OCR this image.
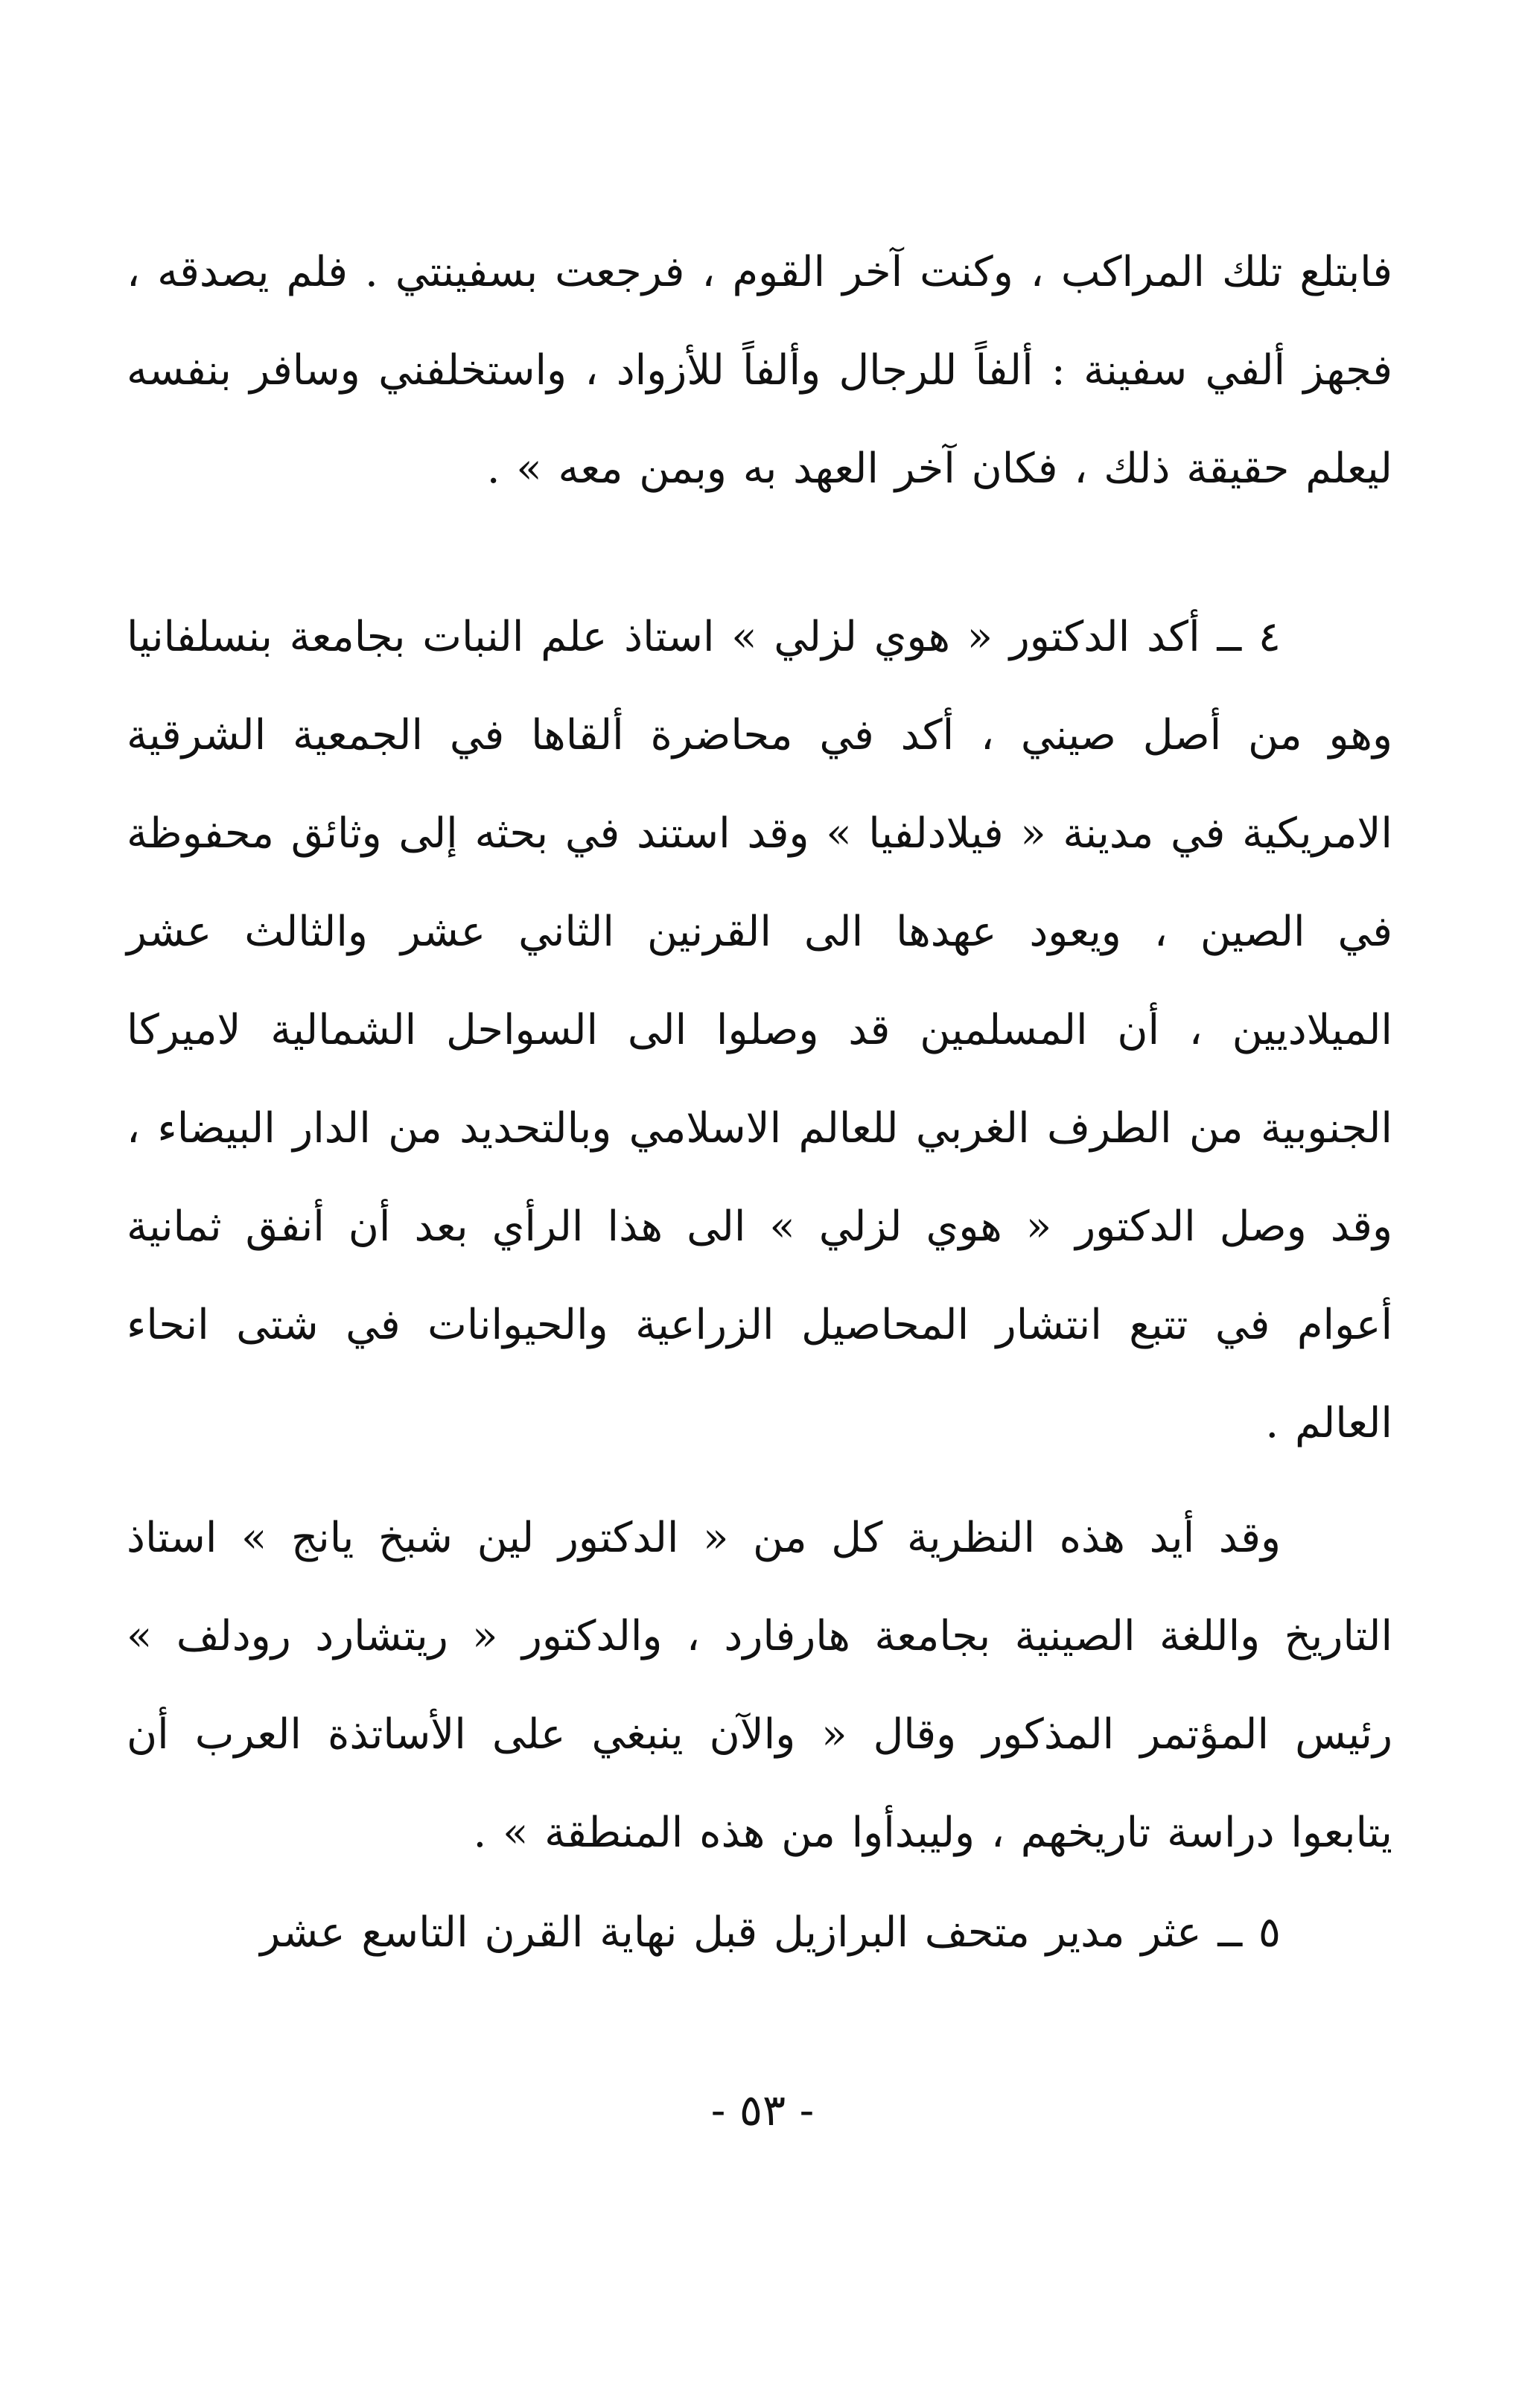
فابتلع تلك المراكب ، وكنت آخر القوم ، فرجعت بسفينتي . فلم يصدقه ، فجهز ألفي سفينة : ألفاً للرجال وألفاً للأزواد ، واستخلفني وسافر بنفسه ليعلم حقيقة ذلك ، فكان آخر العهد به وبمن معه » .

٤ ــ أكد الدكتور « هوي لزلي » استاذ علم النبات بجامعة بنسلفانيا وهو من أصل صيني ، أكد في محاضرة ألقاها في الجمعية الشرقية الامريكية في مدينة « فيلادلفيا » وقد استند في بحثه إلى وثائق محفوظة في الصين ، ويعود عهدها الى القرنين الثاني عشر والثالث عشر الميلاديين ، أن المسلمين قد وصلوا الى السواحل الشمالية لاميركا الجنوبية من الطرف الغربي للعالم الاسلامي وبالتحديد من الدار البيضاء ، وقد وصل الدكتور « هوي لزلي » الى هذا الرأي بعد أن أنفق ثمانية أعوام في تتبع انتشار المحاصيل الزراعية والحيوانات في شتى انحاء العالم .

وقد أيد هذه النظرية كل من « الدكتور لين شبخ يانج » استاذ التاريخ واللغة الصينية بجامعة هارفارد ، والدكتور « ريتشارد رودلف » رئيس المؤتمر المذكور وقال « والآن ينبغي على الأساتذة العرب أن يتابعوا دراسة تاريخهم ، وليبدأوا من هذه المنطقة » .

٥ ــ عثر مدير متحف البرازيل قبل نهاية القرن التاسع عشر

- ٥٣ -
